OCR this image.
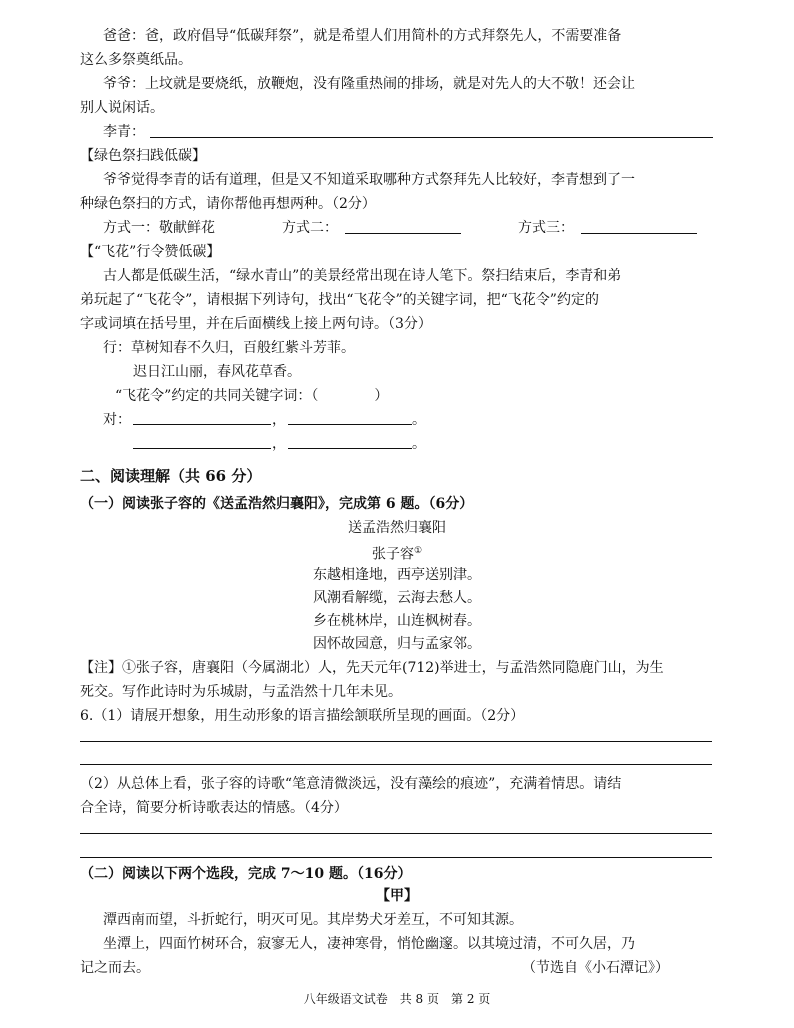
爸爸：爸，政府倡导“低碳拜祭”，就是希望人们用简朴的方式拜祭先人，不需要准备
这么多祭奠纸品。
爷爷：上坟就是要烧纸，放鞭炮，没有隆重热闹的排场，就是对先人的大不敬！还会让
别人说闲话。
李青：
【绿色祭扫践低碳】
爷爷觉得李青的话有道理，但是又不知道采取哪种方式祭拜先人比较好，李青想到了一
种绿色祭扫的方式，请你帮他再想两种。（2分）
方式一：敬献鲜花	方式二：	方式三：
【“飞花”行令赞低碳】
古人都是低碳生活，“绿水青山”的美景经常出现在诗人笔下。祭扫结束后，李青和弟
弟玩起了“飞花令”，请根据下列诗句，找出“飞花令”的关键字词，把“飞花令”约定的
字或词填在括号里，并在后面横线上接上两句诗。（3分）
行：草树知春不久归，百般红紫斗芳菲。
迟日江山丽，春风花草香。
“飞花令”约定的共同关键字词：（　　　　）
对：	，	。
，	。
二、阅读理解（共 66 分）
（一）阅读张子容的《送孟浩然归襄阳》，完成第 6 题。（6分）
送孟浩然归襄阳
张子容①
东越相逢地，西亭送别津。
风潮看解缆，云海去愁人。
乡在桃林岸，山连枫树春。
因怀故园意，归与孟家邻。
【注】①张子容，唐襄阳（今属湖北）人，先天元年(712)举进士，与孟浩然同隐鹿门山，为生
死交。写作此诗时为乐城尉，与孟浩然十几年未见。
6.（1）请展开想象，用生动形象的语言描绘颔联所呈现的画面。（2分）
（2）从总体上看，张子容的诗歌“笔意清微淡远，没有藻绘的痕迹”，充满着情思。请结
合全诗，简要分析诗歌表达的情感。（4分）
（二）阅读以下两个选段，完成 7～10 题。（16分）
【甲】
潭西南而望，斗折蛇行，明灭可见。其岸势犬牙差互，不可知其源。
坐潭上，四面竹树环合，寂寥无人，凄神寒骨，悄怆幽邃。以其境过清，不可久居，乃
记之而去。	（节选自《小石潭记》）
八年级语文试卷　共 8 页　第 2 页
